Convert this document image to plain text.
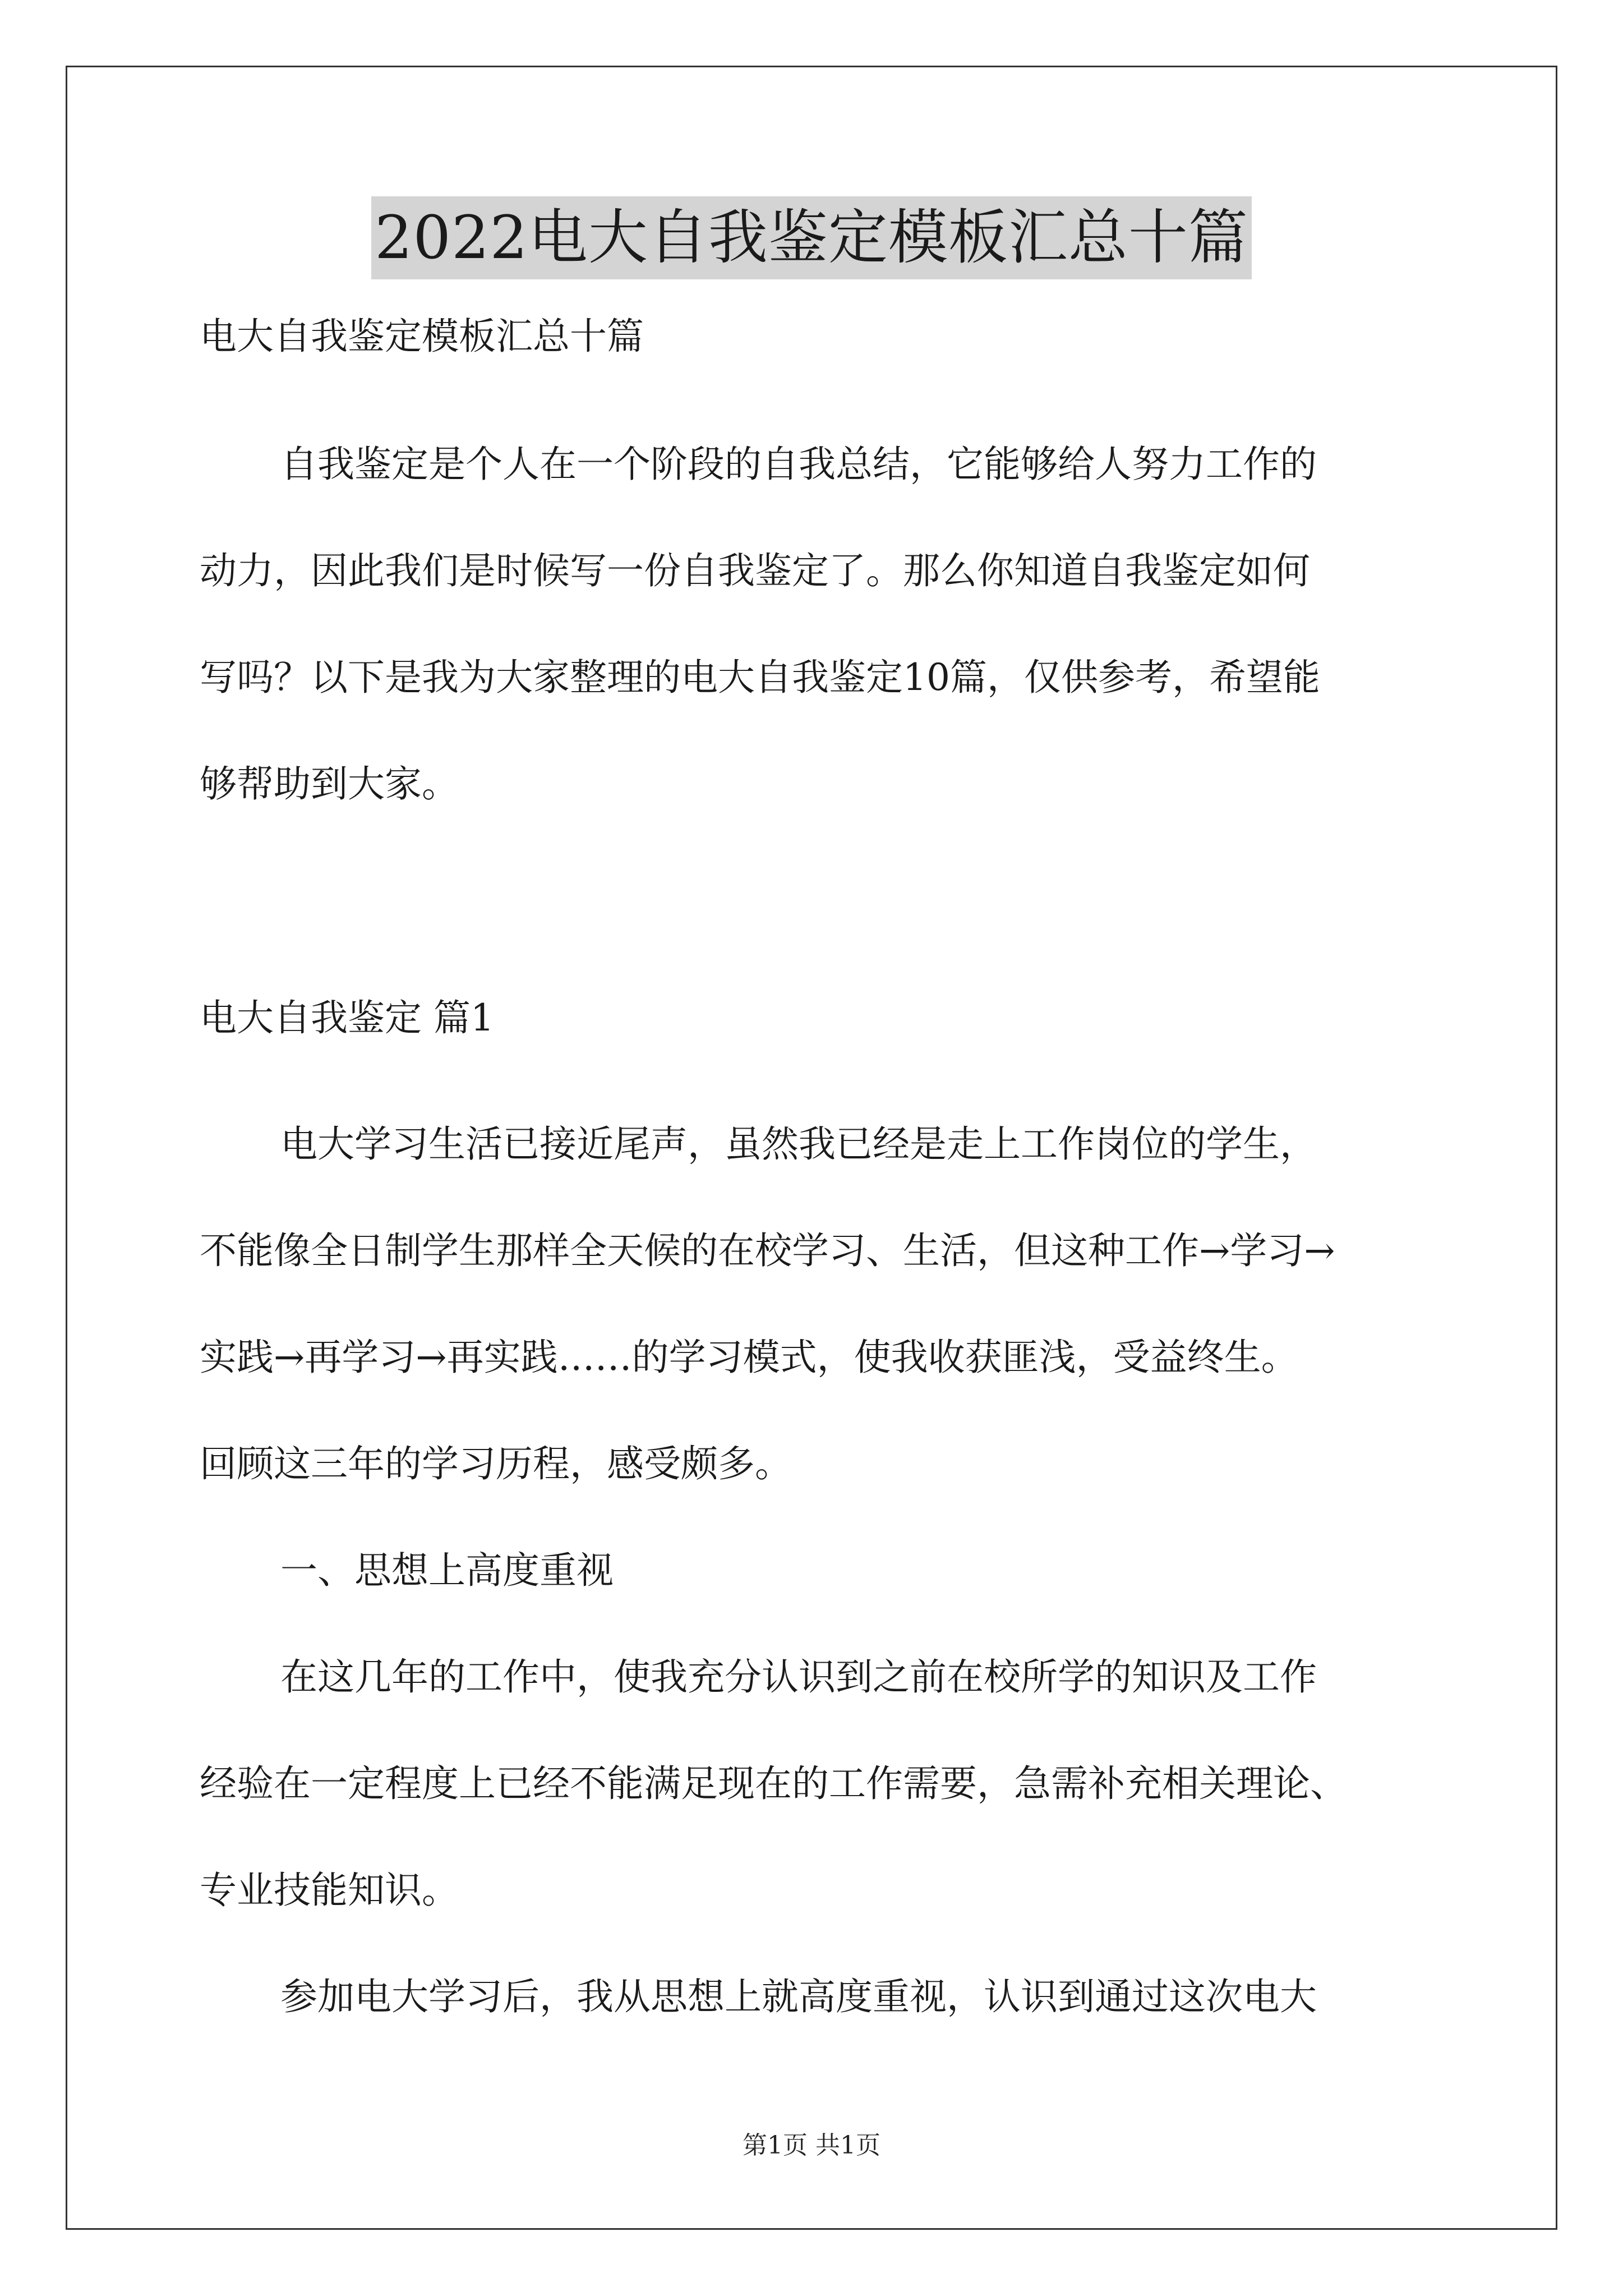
2022电大自我鉴定模板汇总十篇
电大自我鉴定模板汇总十篇
自我鉴定是个人在一个阶段的自我总结，它能够给人努力工作的
动力，因此我们是时候写一份自我鉴定了。那么你知道自我鉴定如何
写吗？以下是我为大家整理的电大自我鉴定10篇，仅供参考，希望能
够帮助到大家。
电大自我鉴定 篇1
电大学习生活已接近尾声，虽然我已经是走上工作岗位的学生，
不能像全日制学生那样全天候的在校学习、生活，但这种工作→学习→
实践→再学习→再实践……的学习模式，使我收获匪浅，受益终生。
回顾这三年的学习历程，感受颇多。
一、思想上高度重视
在这几年的工作中，使我充分认识到之前在校所学的知识及工作
经验在一定程度上已经不能满足现在的工作需要，急需补充相关理论、
专业技能知识。
参加电大学习后，我从思想上就高度重视，认识到通过这次电大
第1页 共1页
